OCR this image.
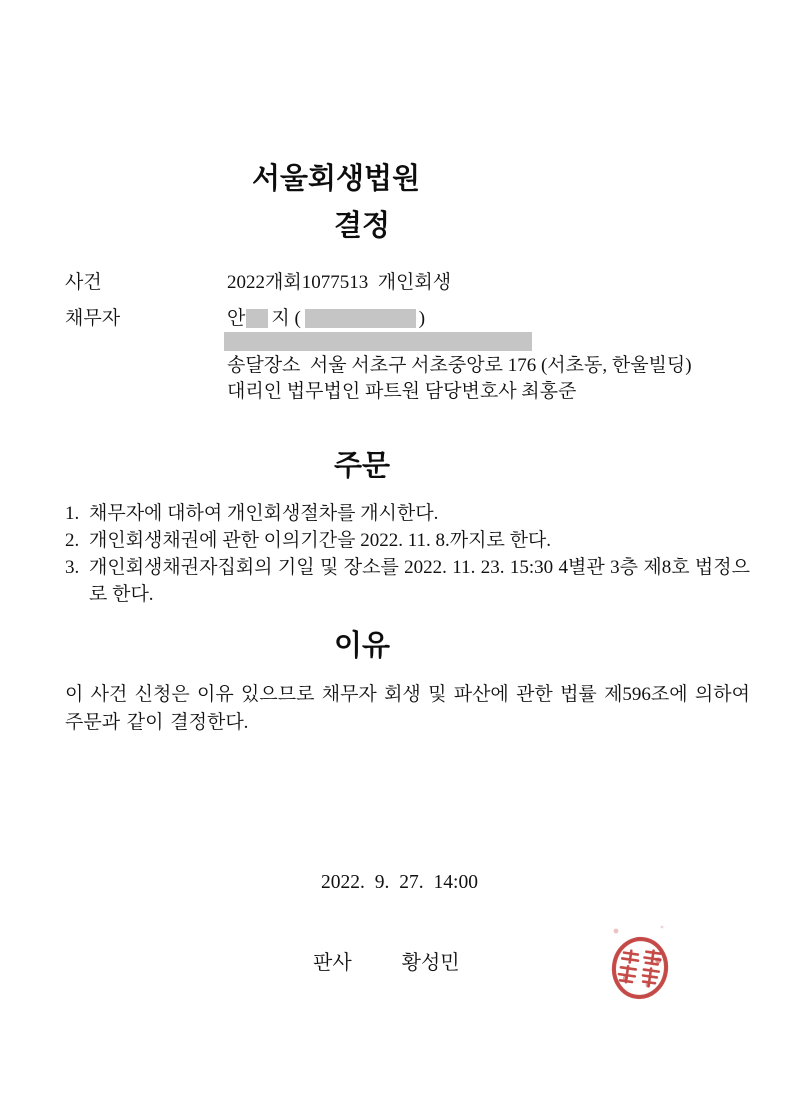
서울회생법원
결정
사건	2022개회1077513  개인회생
채무자	안 지 (	)
송달장소  서울 서초구 서초중앙로 176 (서초동, 한울빌딩)
대리인 법무법인 파트원 담당변호사 최홍준
주문
1. 채무자에 대하여 개인회생절차를 개시한다.
2. 개인회생채권에 관한 이의기간을 2022. 11. 8.까지로 한다.
3. 개인회생채권자집회의 기일 및 장소를 2022. 11. 23. 15:30 4별관 3층 제8호 법정으로 한다.
이유

이 사건 신청은 이유 있으므로 채무자 회생 및 파산에 관한 법률 제596조에 의하여 주문과 같이 결정한다.

2022. 9. 27. 14:00
판사	황성민
